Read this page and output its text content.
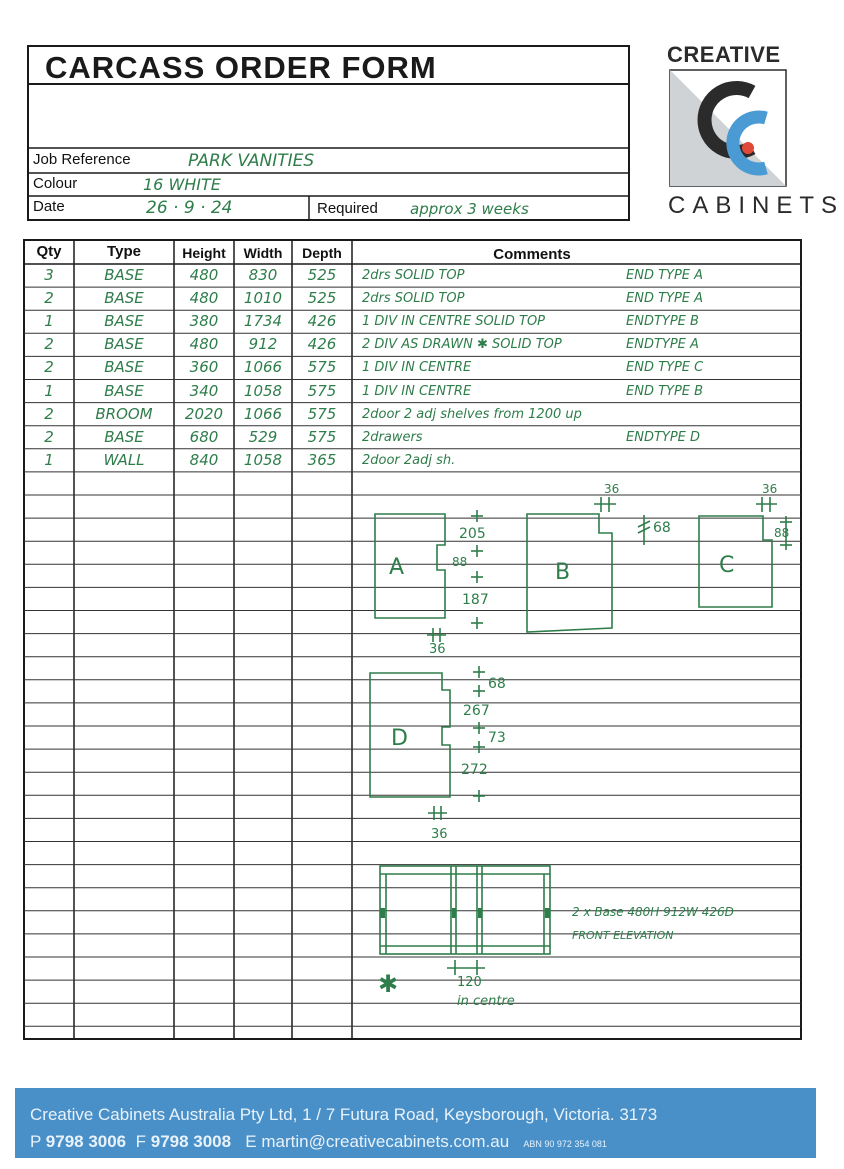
CARCASS ORDER FORM
Job Reference	PARK VANITIES
Colour	16 WHITE
Date	26 · 9 · 24	Required approx 3 weeks
CREATIVE
CABINETS
Qty	Type	Height	Width	Depth	Comments
3	BASE	480	830	525	2drs SOLID TOP	END TYPE A
2	BASE	480	1010	525	2drs SOLID TOP	END TYPE A
1	BASE	380	1734	426	1 DIV IN CENTRE SOLID TOP	ENDTYPE B
2	BASE	480	912	426	2 DIV AS DRAWN ✱ SOLID TOP	ENDTYPE A
2	BASE	360	1066	575	1 DIV IN CENTRE	END TYPE C
1	BASE	340	1058	575	1 DIV IN CENTRE	END TYPE B
2	BROOM	2020	1066	575	2door 2 adj shelves from 1200 up
2	BASE	680	529	575	2drawers	ENDTYPE D
1	WALL	840	1058	365	2door 2adj sh.
A
205
88
187
36
B
36
68
C
36
88
D
68
267
73
272
36
2 x Base 480H 912W 426D
FRONT ELEVATION
✱	120
in centre
Creative Cabinets Australia Pty Ltd, 1 / 7 Futura Road, Keysborough, Victoria. 3173
P 9798 3006 F 9798 3008 E martin@creativecabinets.com.au ABN 90 972 354 081
